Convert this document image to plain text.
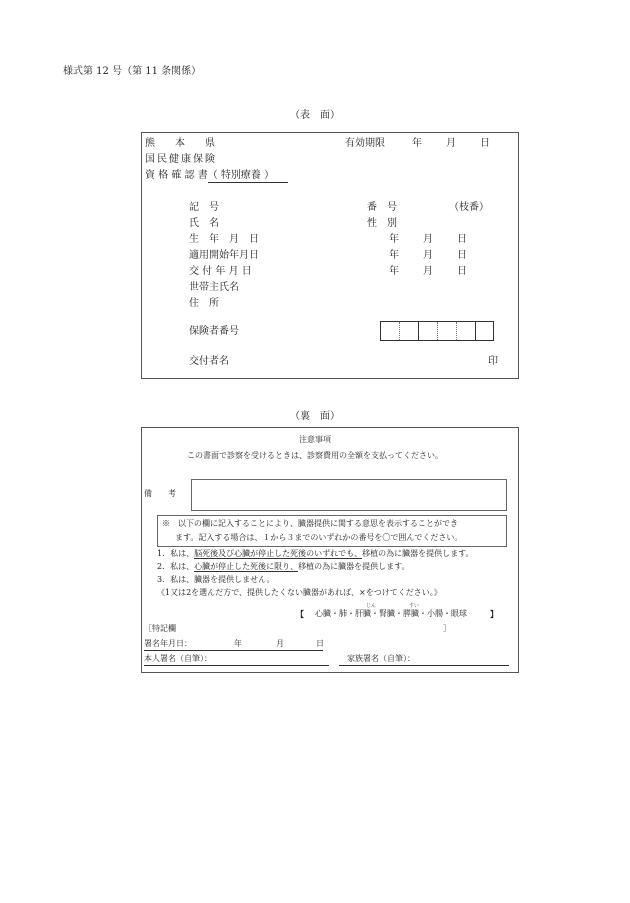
様式第 12 号（第 11 条関係）
（表　面）
熊　　本　　県	有効期限	年 月 日
国民健康保険
資 格 確 認 書（ 特別療養 ）
記　号	番　号	（枝番）
氏　名	性　別
生　年　月　日	年 月 日
適用開始年月日	年 月 日
交 付 年 月 日	年 月 日
世帯主氏名
住　所
保険者番号
交付者名	印
（裏　面）
注意事項
この書面で診察を受けるときは、診察費用の全額を支払ってください。
備　　考
※　以下の欄に記入することにより、臓器提供に関する意思を表示することができ
ます。記入する場合は、１から３までのいずれかの番号を〇で囲んでください。
1．私は、脳死後及び心臓が停止した死後のいずれでも、移植の為に臓器を提供します。
2．私は、心臓が停止した死後に限り、移植の為に臓器を提供します。
3．私は、臓器を提供しません。
《1又は2を選んだ方で、提供したくない臓器があれば、×をつけてください。》
じん	すい
【 心臓・肺・肝臓・腎臓・膵臓・小腸・眼球	】
［特記欄	］
署名年月日：	年	月	日
本人署名（自筆）：	家族署名（自筆）：
